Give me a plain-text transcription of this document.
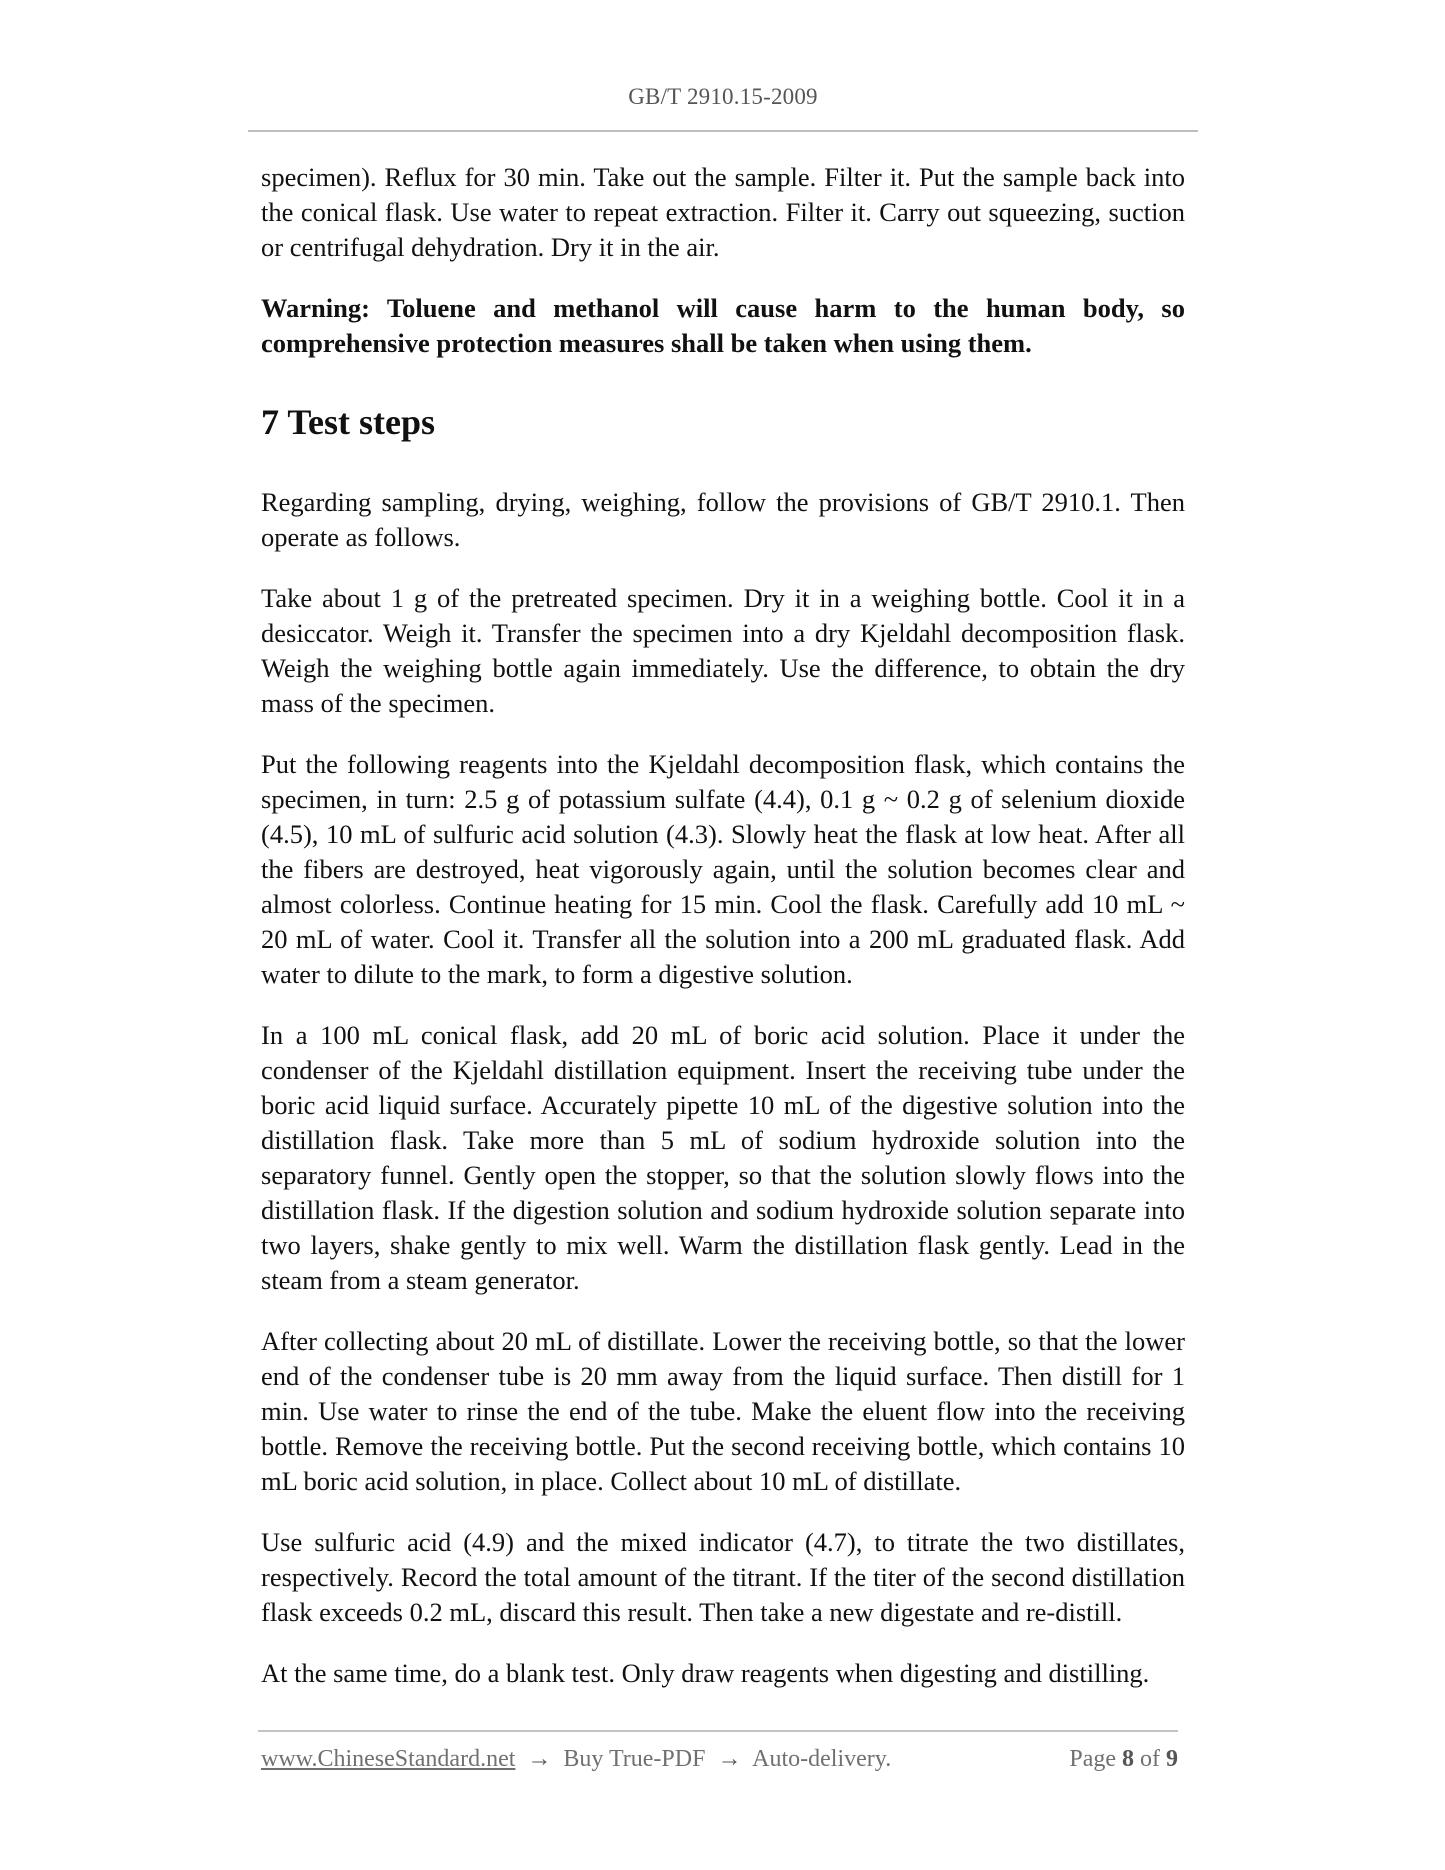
GB/T 2910.15-2009

specimen). Reflux for 30 min. Take out the sample. Filter it. Put the sample back into the conical flask. Use water to repeat extraction. Filter it. Carry out squeezing, suction or centrifugal dehydration. Dry it in the air.

Warning: Toluene and methanol will cause harm to the human body, so comprehensive protection measures shall be taken when using them.

7 Test steps

Regarding sampling, drying, weighing, follow the provisions of GB/T 2910.1. Then operate as follows.

Take about 1 g of the pretreated specimen. Dry it in a weighing bottle. Cool it in a desiccator. Weigh it. Transfer the specimen into a dry Kjeldahl decomposition flask. Weigh the weighing bottle again immediately. Use the difference, to obtain the dry mass of the specimen.

Put the following reagents into the Kjeldahl decomposition flask, which contains the specimen, in turn: 2.5 g of potassium sulfate (4.4), 0.1 g ~ 0.2 g of selenium dioxide (4.5), 10 mL of sulfuric acid solution (4.3). Slowly heat the flask at low heat. After all the fibers are destroyed, heat vigorously again, until the solution becomes clear and almost colorless. Continue heating for 15 min. Cool the flask. Carefully add 10 mL ~ 20 mL of water. Cool it. Transfer all the solution into a 200 mL graduated flask. Add water to dilute to the mark, to form a digestive solution.

In a 100 mL conical flask, add 20 mL of boric acid solution. Place it under the condenser of the Kjeldahl distillation equipment. Insert the receiving tube under the boric acid liquid surface. Accurately pipette 10 mL of the digestive solution into the distillation flask. Take more than 5 mL of sodium hydroxide solution into the separatory funnel. Gently open the stopper, so that the solution slowly flows into the distillation flask. If the digestion solution and sodium hydroxide solution separate into two layers, shake gently to mix well. Warm the distillation flask gently. Lead in the steam from a steam generator.

After collecting about 20 mL of distillate. Lower the receiving bottle, so that the lower end of the condenser tube is 20 mm away from the liquid surface. Then distill for 1 min. Use water to rinse the end of the tube. Make the eluent flow into the receiving bottle. Remove the receiving bottle. Put the second receiving bottle, which contains 10 mL boric acid solution, in place. Collect about 10 mL of distillate.

Use sulfuric acid (4.9) and the mixed indicator (4.7), to titrate the two distillates, respectively. Record the total amount of the titrant. If the titer of the second distillation flask exceeds 0.2 mL, discard this result. Then take a new digestate and re-distill.

At the same time, do a blank test. Only draw reagents when digesting and distilling.

www.ChineseStandard.net → Buy True-PDF → Auto-delivery.	Page 8 of 9
